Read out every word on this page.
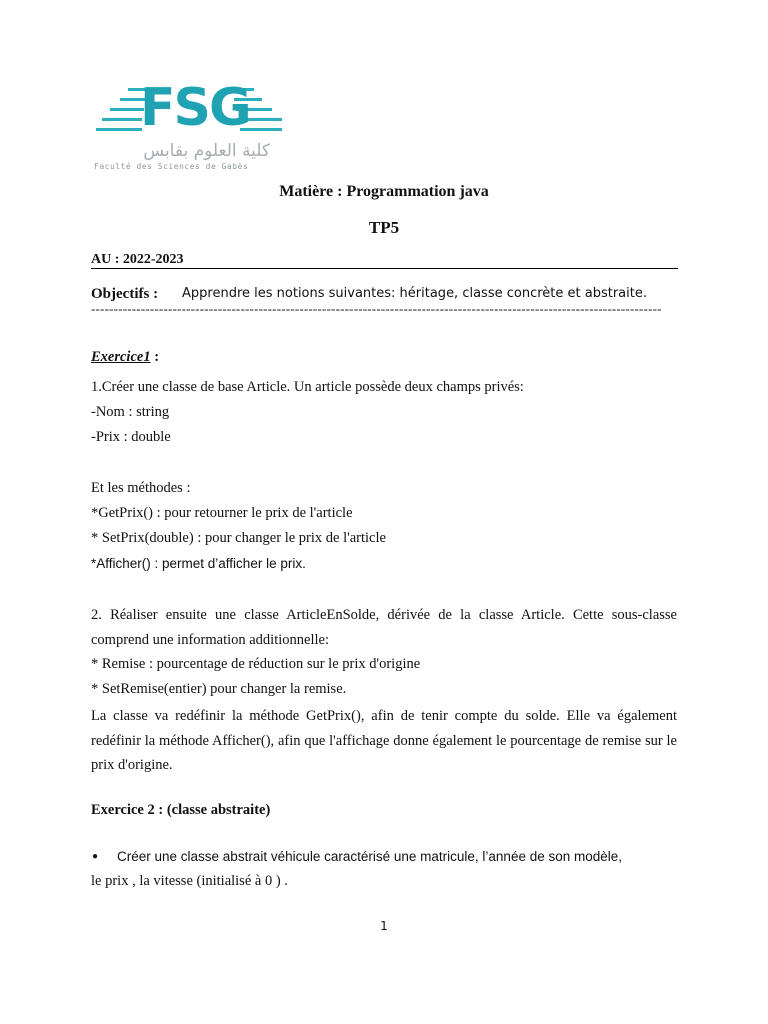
FSG
كلية العلوم بقابس
Faculté des Sciences de Gabès
Matière : Programmation java
TP5
AU : 2022-2023
Objectifs : Apprendre les notions suivantes: héritage, classe concrète et abstraite.
------------------------------------------------------------------------------------------------------------------------------
Exercice1 :
1.Créer une classe de base Article. Un article possède deux champs privés:
-Nom : string
-Prix : double
Et les méthodes :
*GetPrix() : pour retourner le prix de l'article
* SetPrix(double) : pour changer le prix de l'article
*Afficher() : permet d’afficher le prix.
2. Réaliser ensuite une classe ArticleEnSolde, dérivée de la classe Article. Cette sous-classe comprend une information additionnelle:
* Remise : pourcentage de réduction sur le prix d'origine
* SetRemise(entier) pour changer la remise.
La classe va redéfinir la méthode GetPrix(), afin de tenir compte du solde. Elle va également redéfinir la méthode Afficher(), afin que l'affichage donne également le pourcentage de remise sur le prix d'origine.
Exercice 2 : (classe abstraite)
● Créer une classe abstrait véhicule caractérisé une matricule, l’année de son modèle,
le prix , la vitesse (initialisé à 0 ) .
1
